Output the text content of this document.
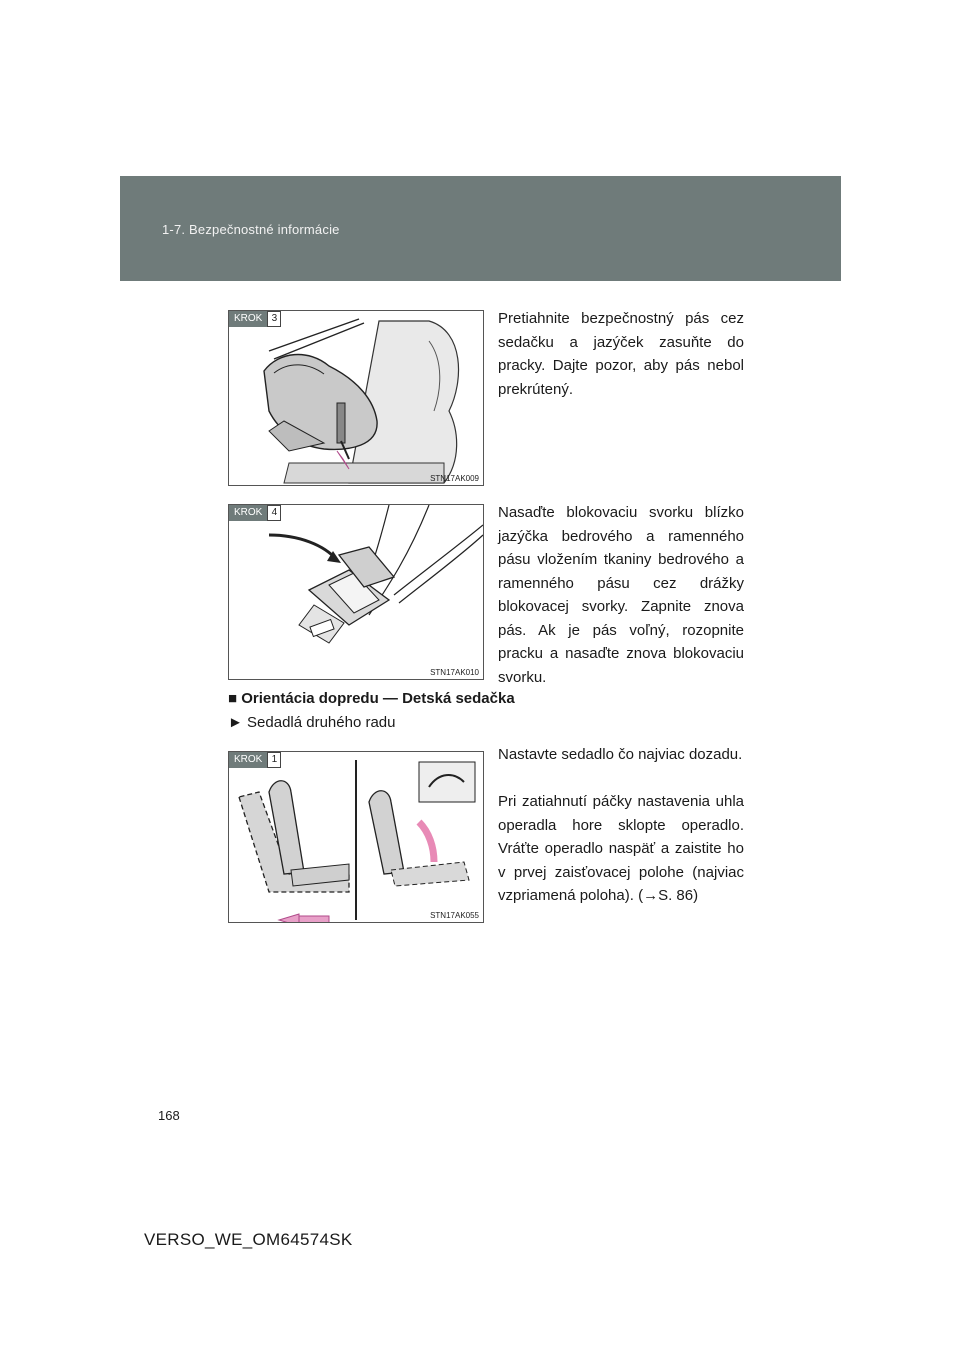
1-7. Bezpečnostné informácie
KROK 3
STN17AK009
Pretiahnite bezpečnostný pás cez sedačku a jazýček zasuňte do pracky. Dajte pozor, aby pás nebol prekrútený.
KROK 4
STN17AK010
Nasaďte blokovaciu svorku blízko jazýčka bedrového a ramenného pásu vložením tkaniny bedrového a ramenného pásu cez drážky blokovacej svorky. Zapnite znova pás. Ak je pás voľný, rozopnite pracku a nasaďte znova blokovaciu svorku.
■ Orientácia dopredu — Detská sedačka
► Sedadlá druhého radu
KROK 1
STN17AK055
Nastavte sedadlo čo najviac dozadu.
Pri zatiahnutí páčky nastavenia uhla operadla hore sklopte operadlo. Vráťte operadlo naspäť a zaistite ho v prvej zaisťovacej polohe (najviac vzpriamená poloha). (→S. 86)
168
VERSO_WE_OM64574SK
